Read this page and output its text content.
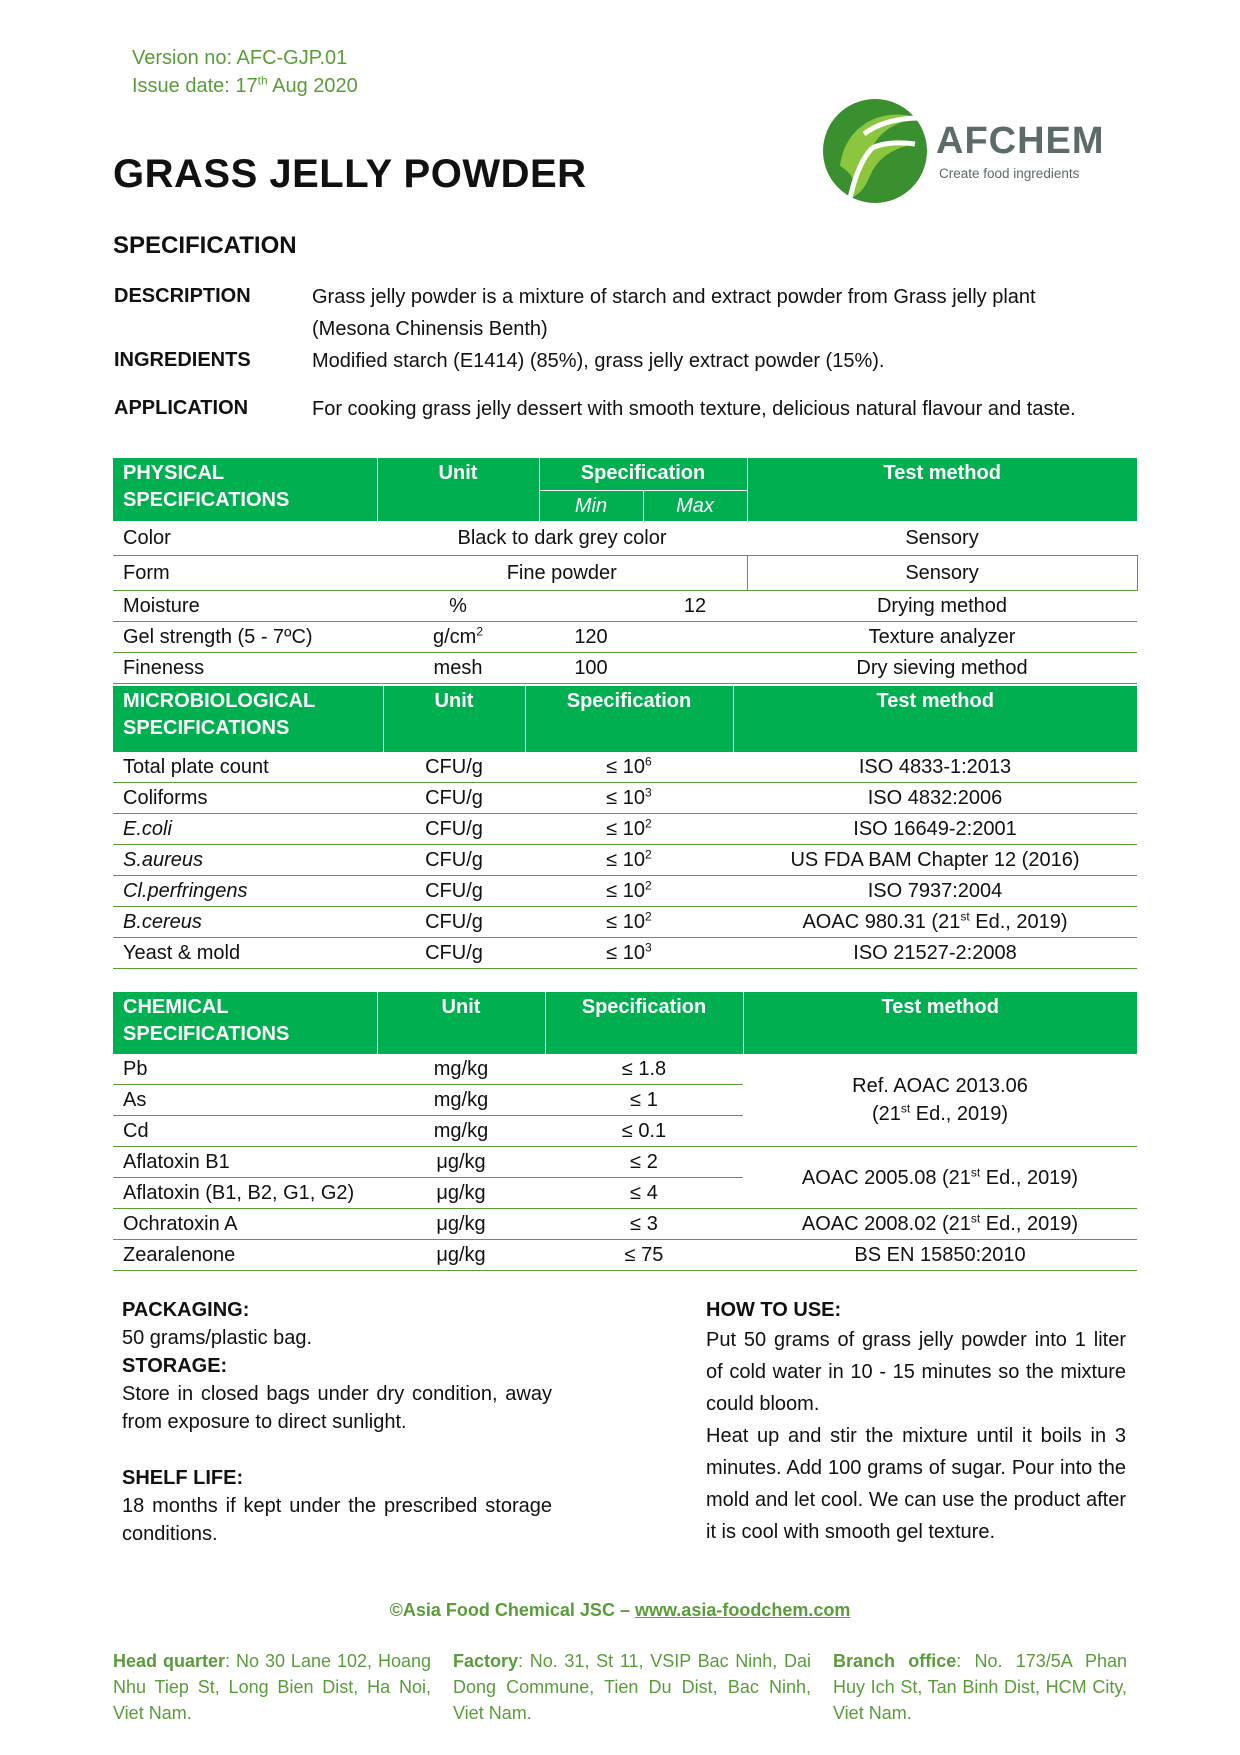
Version no: AFC-GJP.01
Issue date: 17th Aug 2020
AFCHEM
Create food ingredients
GRASS JELLY POWDER
SPECIFICATION
DESCRIPTION	Grass jelly powder is a mixture of starch and extract powder from Grass jelly plant
(Mesona Chinensis Benth)
INGREDIENTS	Modified starch (E1414) (85%), grass jelly extract powder (15%).
APPLICATION	For cooking grass jelly dessert with smooth texture, delicious natural flavour and taste.
PHYSICAL
SPECIFICATIONS	Unit	Specification		Test method
		Min	Max	
Color	Black to dark grey color			Sensory
Form	Fine powder			Sensory
Moisture	%		12	Drying method
Gel strength (5 - 7ºC)	$g/cm^2$	120		Texture analyzer
Fineness	mesh	100		Dry sieving method
MICROBIOLOGICAL
SPECIFICATIONS	Unit	Specification	Test method
Total plate count	CFU/g	≤ $10^6$	ISO 4833-1:2013
Coliforms	CFU/g	≤ $10^3$	ISO 4832:2006
E.coli	CFU/g	≤ $10^2$	ISO 16649-2:2001
S.aureus	CFU/g	≤ $10^2$	US FDA BAM Chapter 12 (2016)
Cl.perfringens	CFU/g	≤ $10^2$	ISO 7937:2004
B.cereus	CFU/g	≤ $10^2$	AOAC 980.31 (21st Ed., 2019)
Yeast & mold	CFU/g	≤ $10^3$	ISO 21527-2:2008
CHEMICAL
SPECIFICATIONS	Unit	Specification	Test method
Pb	mg/kg	≤ 1.8	Ref. AOAC 2013.06
(21st Ed., 2019)

As	mg/kg	≤ 1	
Cd	mg/kg	≤ 0.1	
Aflatoxin B1	μg/kg	≤ 2	AOAC 2005.08 (21st Ed., 2019)
Aflatoxin (B1, B2, G1, G2)	μg/kg	≤ 4	
Ochratoxin A	μg/kg	≤ 3	AOAC 2008.02 (21st Ed., 2019)
Zearalenone	μg/kg	≤ 75	BS EN 15850:2010
PACKAGING:
50 grams/plastic bag.
STORAGE:
Store in closed bags under dry condition, away from exposure to direct sunlight.
SHELF LIFE:
18 months if kept under the prescribed storage conditions.
HOW TO USE:
Put 50 grams of grass jelly powder into 1 liter of cold water in 10 - 15 minutes so the mixture could bloom.
Heat up and stir the mixture until it boils in 3 minutes. Add 100 grams of sugar. Pour into the mold and let cool. We can use the product after it is cool with smooth gel texture.
©Asia Food Chemical JSC – www.asia-foodchem.com
Head quarter: No 30 Lane 102, Hoang Nhu Tiep St, Long Bien Dist, Ha Noi, Viet Nam.
Factory: No. 31, St 11, VSIP Bac Ninh, Dai Dong Commune, Tien Du Dist, Bac Ninh, Viet Nam.
Branch office: No. 173/5A Phan Huy Ich St, Tan Binh Dist, HCM City, Viet Nam.
